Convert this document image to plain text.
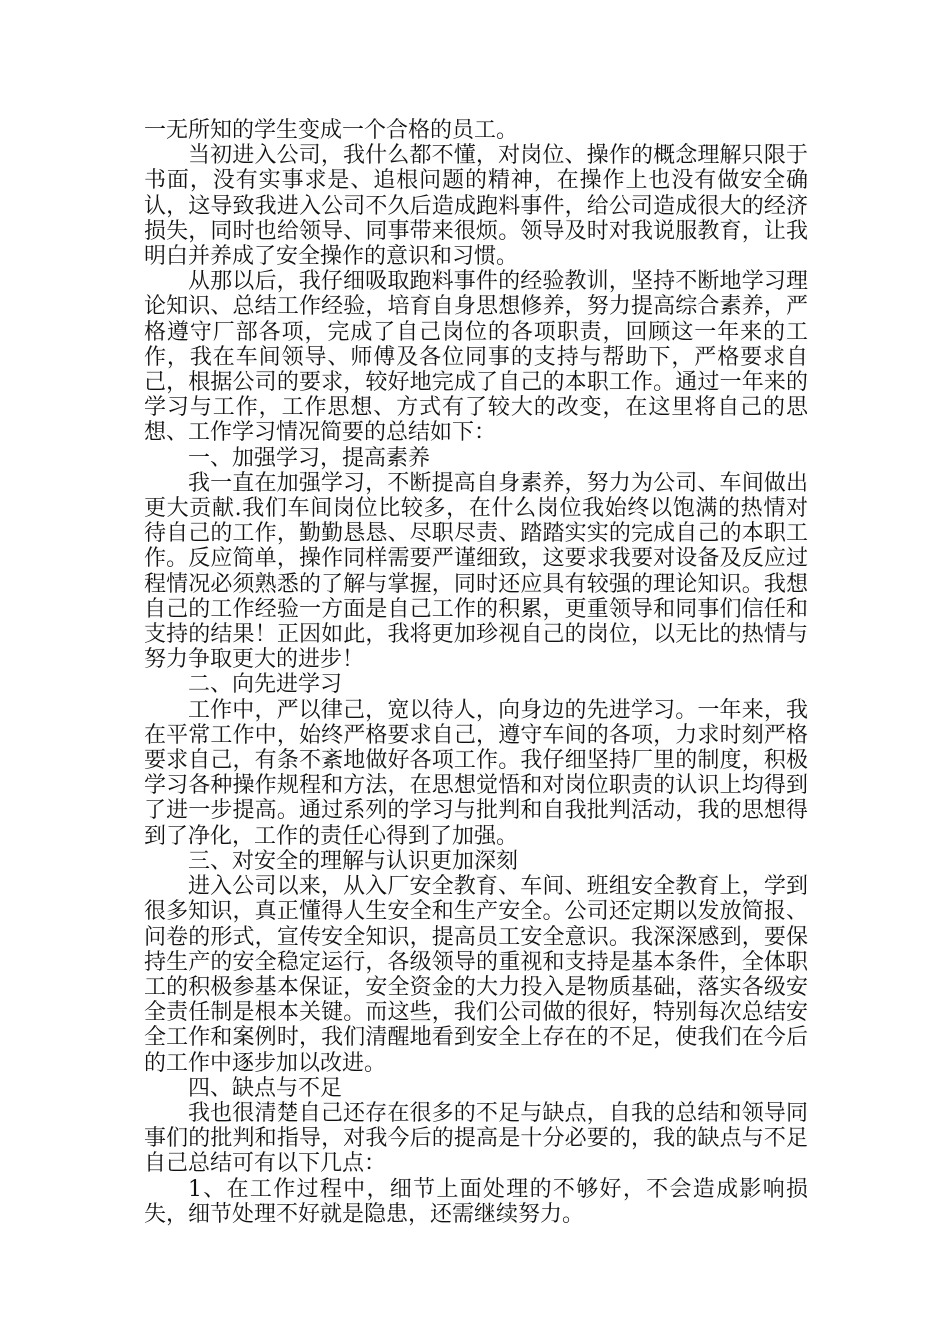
一无所知的学生变成一个合格的员工。

当初进入公司，我什么都不懂，对岗位、操作的概念理解只限于书面，没有实事求是、追根问题的精神，在操作上也没有做安全确认，这导致我进入公司不久后造成跑料事件，给公司造成很大的经济损失，同时也给领导、同事带来很烦。领导及时对我说服教育，让我明白并养成了安全操作的意识和习惯。

从那以后，我仔细吸取跑料事件的经验教训，坚持不断地学习理论知识、总结工作经验，培育自身思想修养，努力提高综合素养，严格遵守厂部各项，完成了自己岗位的各项职责，回顾这一年来的工作，我在车间领导、师傅及各位同事的支持与帮助下，严格要求自己，根据公司的要求，较好地完成了自己的本职工作。通过一年来的学习与工作，工作思想、方式有了较大的改变，在这里将自己的思想、工作学习情况简要的总结如下：

一、加强学习，提高素养

我一直在加强学习，不断提高自身素养，努力为公司、车间做出更大贡献.我们车间岗位比较多，在什么岗位我始终以饱满的热情对待自己的工作，勤勤恳恳、尽职尽责、踏踏实实的完成自己的本职工作。反应简单，操作同样需要严谨细致，这要求我要对设备及反应过程情况必须熟悉的了解与掌握，同时还应具有较强的理论知识。我想自己的工作经验一方面是自己工作的积累，更重领导和同事们信任和支持的结果！正因如此，我将更加珍视自己的岗位，以无比的热情与努力争取更大的进步！

二、向先进学习

工作中，严以律己，宽以待人，向身边的先进学习。一年来，我在平常工作中，始终严格要求自己，遵守车间的各项，力求时刻严格要求自己，有条不紊地做好各项工作。我仔细坚持厂里的制度，积极学习各种操作规程和方法，在思想觉悟和对岗位职责的认识上均得到了进一步提高。通过系列的学习与批判和自我批判活动，我的思想得到了净化，工作的责任心得到了加强。

三、对安全的理解与认识更加深刻

进入公司以来，从入厂安全教育、车间、班组安全教育上，学到很多知识，真正懂得人生安全和生产安全。公司还定期以发放简报、问卷的形式，宣传安全知识，提高员工安全意识。我深深感到，要保持生产的安全稳定运行，各级领导的重视和支持是基本条件，全体职工的积极参基本保证，安全资金的大力投入是物质基础，落实各级安全责任制是根本关键。而这些，我们公司做的很好，特别每次总结安全工作和案例时，我们清醒地看到安全上存在的不足，使我们在今后的工作中逐步加以改进。

四、缺点与不足

我也很清楚自己还存在很多的不足与缺点，自我的总结和领导同事们的批判和指导，对我今后的提高是十分必要的，我的缺点与不足自己总结可有以下几点：

1、在工作过程中，细节上面处理的不够好，不会造成影响损失，细节处理不好就是隐患，还需继续努力。
